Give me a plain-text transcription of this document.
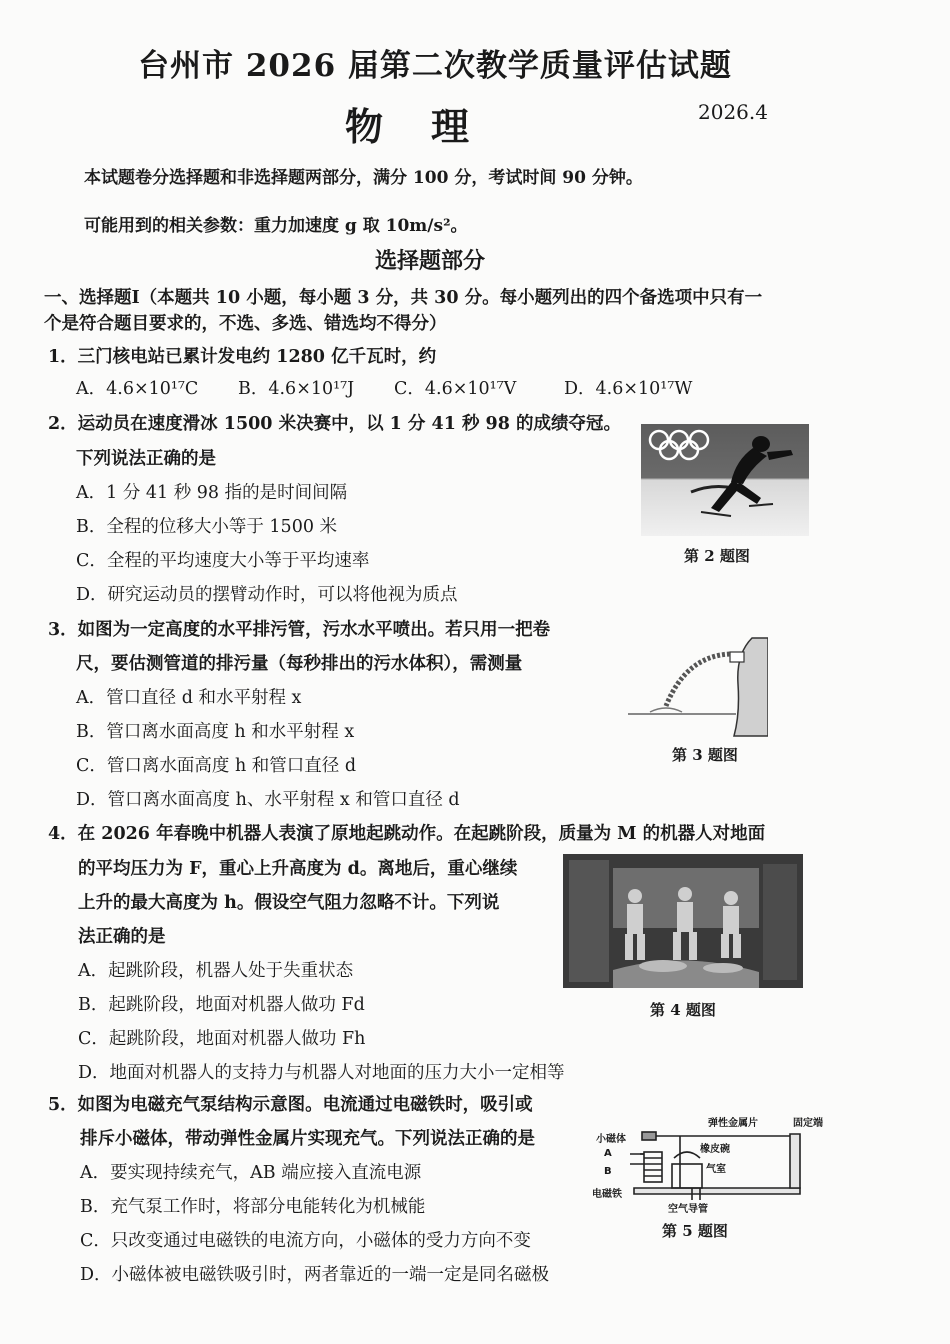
台州市 2026 届第二次教学质量评估试题
物理	2026.4
本试题卷分选择题和非选择题两部分，满分 100 分，考试时间 90 分钟。
可能用到的相关参数：重力加速度 g 取 10m/s²。
选择题部分
一、选择题Ⅰ（本题共 10 小题，每小题 3 分，共 30 分。每小题列出的四个备选项中只有一
个是符合题目要求的，不选、多选、错选均不得分）
1．三门核电站已累计发电约 1280 亿千瓦时，约
A．4.6×10¹⁷C B．4.6×10¹⁷J C．4.6×10¹⁷V	D．4.6×10¹⁷W
2．运动员在速度滑冰 1500 米决赛中，以 1 分 41 秒 98 的成绩夺冠。
下列说法正确的是
A．1 分 41 秒 98 指的是时间间隔
B．全程的位移大小等于 1500 米
C．全程的平均速度大小等于平均速率
D．研究运动员的摆臂动作时，可以将他视为质点
第 2 题图
3．如图为一定高度的水平排污管，污水水平喷出。若只用一把卷
尺，要估测管道的排污量（每秒排出的污水体积），需测量
A．管口直径 d 和水平射程 x
B．管口离水面高度 h 和水平射程 x
C．管口离水面高度 h 和管口直径 d
D．管口离水面高度 h、水平射程 x 和管口直径 d
第 3 题图
4．在 2026 年春晚中机器人表演了原地起跳动作。在起跳阶段，质量为 M 的机器人对地面
的平均压力为 F，重心上升高度为 d。离地后，重心继续
上升的最大高度为 h。假设空气阻力忽略不计。下列说
法正确的是
A．起跳阶段，机器人处于失重状态
B．起跳阶段，地面对机器人做功 Fd
C．起跳阶段，地面对机器人做功 Fh
D．地面对机器人的支持力与机器人对地面的压力大小一定相等
第 4 题图
5．如图为电磁充气泵结构示意图。电流通过电磁铁时，吸引或
排斥小磁体，带动弹性金属片实现充气。下列说法正确的是
A．要实现持续充气，AB 端应接入直流电源
B．充气泵工作时，将部分电能转化为机械能
C．只改变通过电磁铁的电流方向，小磁体的受力方向不变
D．小磁体被电磁铁吸引时，两者靠近的一端一定是同名磁极
弹性金属片	固定端
小磁体
橡皮碗
气室
A
B
电磁铁
空气导管
第 5 题图
